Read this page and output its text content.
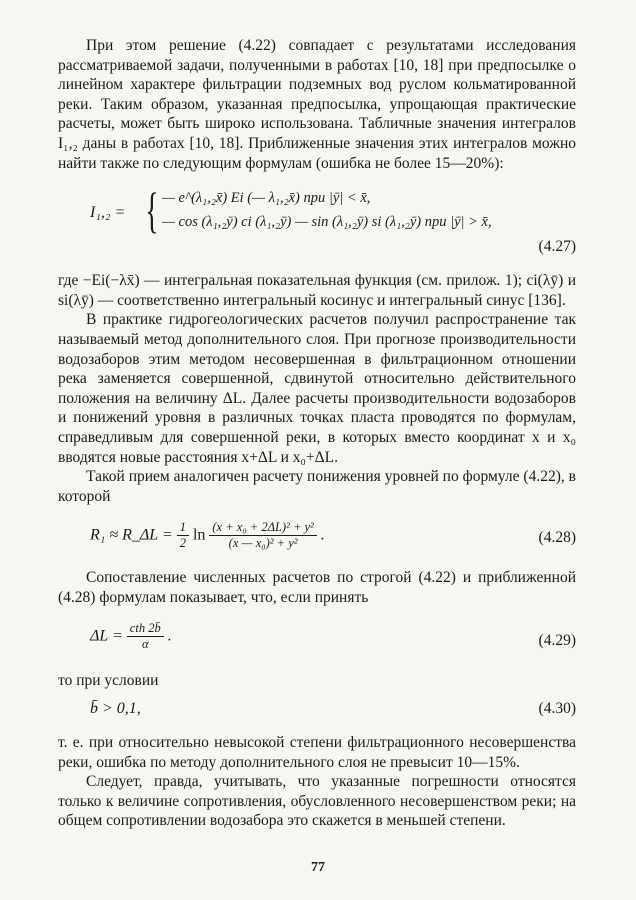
При этом решение (4.22) совпадает с результатами исследования рассматриваемой задачи, полученными в работах [10, 18] при предпосылке о линейном характере фильтрации подземных вод руслом кольматированной реки. Таким образом, указанная предпосылка, упрощающая практические расчеты, может быть широко использована. Табличные значения интегралов I₁,₂ даны в работах [10, 18]. Приближенные значения этих интегралов можно найти также по следующим формулам (ошибка не более 15—20%):

I₁,₂ = { — e^(λ₁,₂x̄) Ei (— λ₁,₂x̄) при |ȳ| < x̄,
— cos (λ₁,₂ȳ) ci (λ₁,₂ȳ) — sin (λ₁,₂ȳ) si (λ₁,₂ȳ) при |ȳ| > x̄,
(4.27)

где −Ei(−λx̄) — интегральная показательная функция (см. прилож. 1); ci(λȳ) и si(λȳ) — соответственно интегральный косинус и интегральный синус [136].

В практике гидрогеологических расчетов получил распространение так называемый метод дополнительного слоя. При прогнозе производительности водозаборов этим методом несовершенная в фильтрационном отношении река заменяется совершенной, сдвинутой относительно действительного положения на величину ΔL. Далее расчеты производительности водозаборов и понижений уровня в различных точках пласта проводятся по формулам, справедливым для совершенной реки, в которых вместо координат x и x₀ вводятся новые расстояния x+ΔL и x₀+ΔL.

Такой прием аналогичен расчету понижения уровней по формуле (4.22), в которой

R₁ ≈ R_ΔL = $\frac{1}{2}$ $\ln \frac{\text{(x + x₀ + 2ΔL)² + y²}}{\text{(x — x₀)² + y²}}$ .	(4.28)

Сопоставление численных расчетов по строгой (4.22) и приближенной (4.28) формулам показывает, что, если принять

$\Delta L = \frac{\text{cth 2b̄}}{\alpha}$ .	(4.29)

то при условии

b̄ > 0,1,	(4.30)

т. е. при относительно невысокой степени фильтрационного несовершенства реки, ошибка по методу дополнительного слоя не превысит 10—15%.

Следует, правда, учитывать, что указанные погрешности относятся только к величине сопротивления, обусловленного несовершенством реки; на общем сопротивлении водозабора это скажется в меньшей степени.

77
